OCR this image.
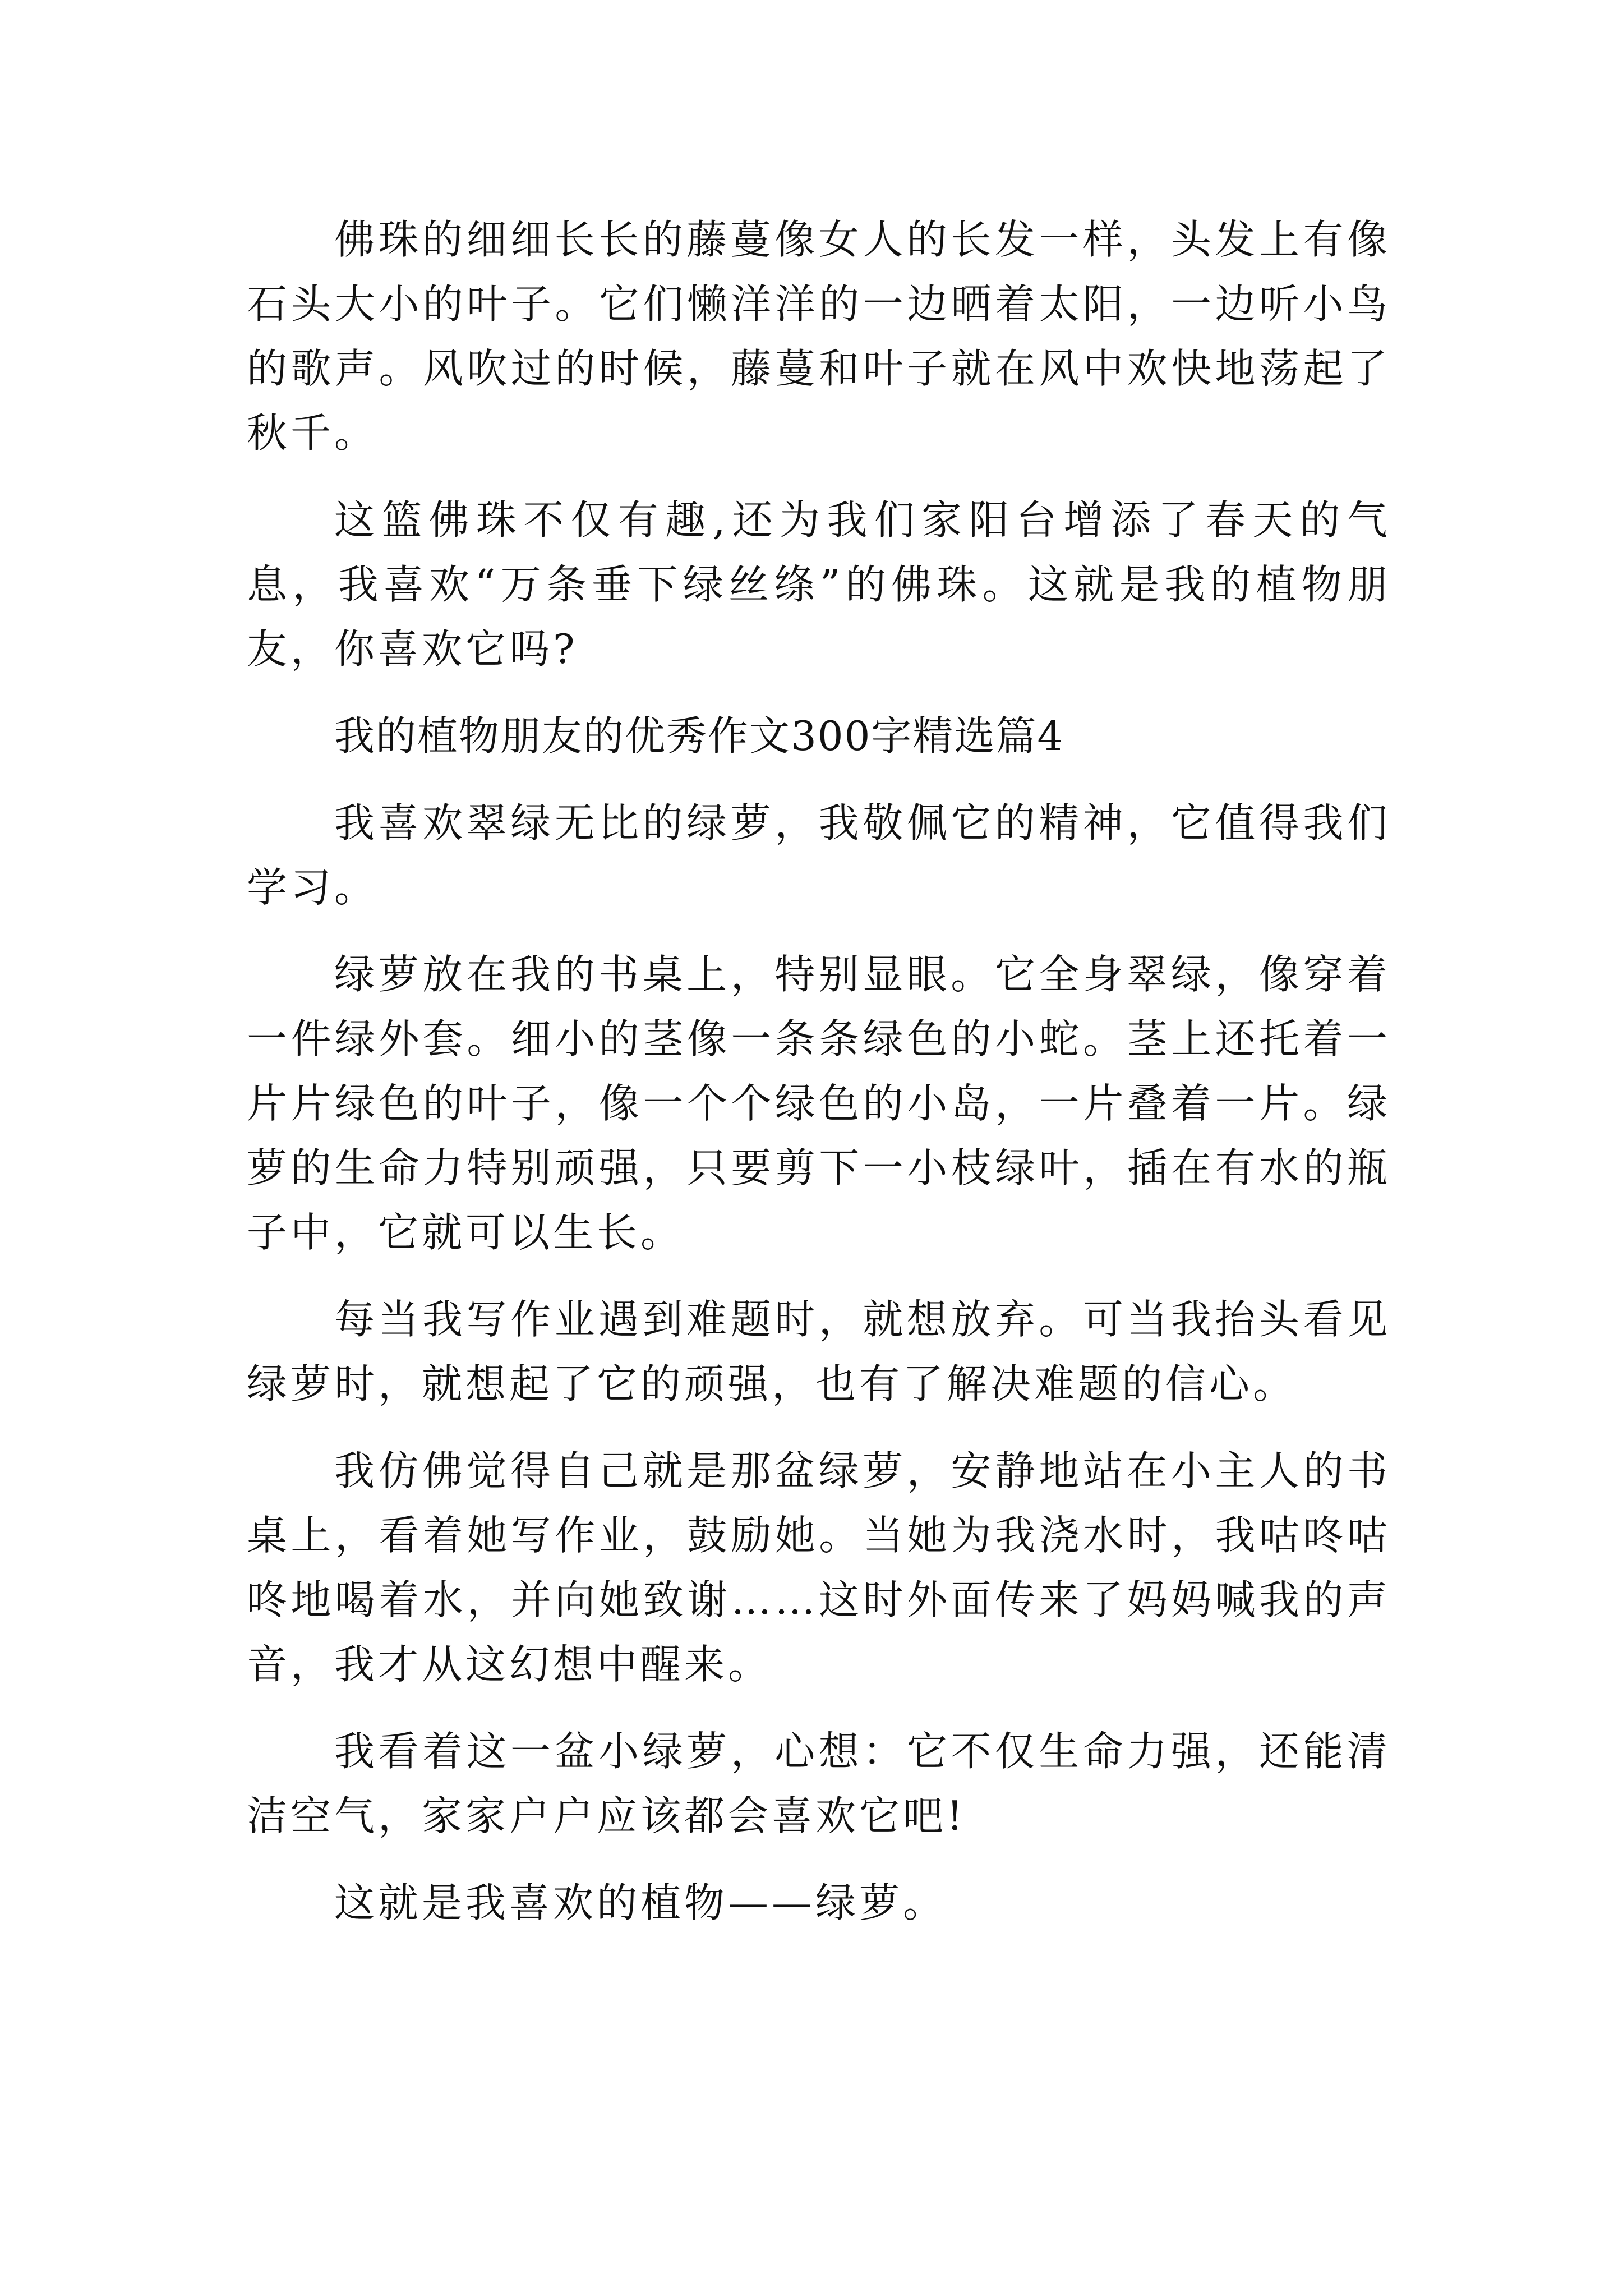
佛珠的细细长长的藤蔓像女人的长发一样，头发上有像石头大小的叶子。它们懒洋洋的一边晒着太阳，一边听小鸟的歌声。风吹过的时候，藤蔓和叶子就在风中欢快地荡起了秋千。

这篮佛珠不仅有趣,还为我们家阳台增添了春天的气息，我喜欢“万条垂下绿丝绦”的佛珠。这就是我的植物朋友，你喜欢它吗?

我的植物朋友的优秀作文300字精选篇4

我喜欢翠绿无比的绿萝，我敬佩它的精神，它值得我们学习。

绿萝放在我的书桌上，特别显眼。它全身翠绿，像穿着一件绿外套。细小的茎像一条条绿色的小蛇。茎上还托着一片片绿色的叶子，像一个个绿色的小岛，一片叠着一片。绿萝的生命力特别顽强，只要剪下一小枝绿叶，插在有水的瓶子中，它就可以生长。

每当我写作业遇到难题时，就想放弃。可当我抬头看见绿萝时，就想起了它的顽强，也有了解决难题的信心。

我仿佛觉得自己就是那盆绿萝，安静地站在小主人的书桌上，看着她写作业，鼓励她。当她为我浇水时，我咕咚咕咚地喝着水，并向她致谢……这时外面传来了妈妈喊我的声音，我才从这幻想中醒来。

我看着这一盆小绿萝，心想：它不仅生命力强，还能清洁空气，家家户户应该都会喜欢它吧!

这就是我喜欢的植物——绿萝。
